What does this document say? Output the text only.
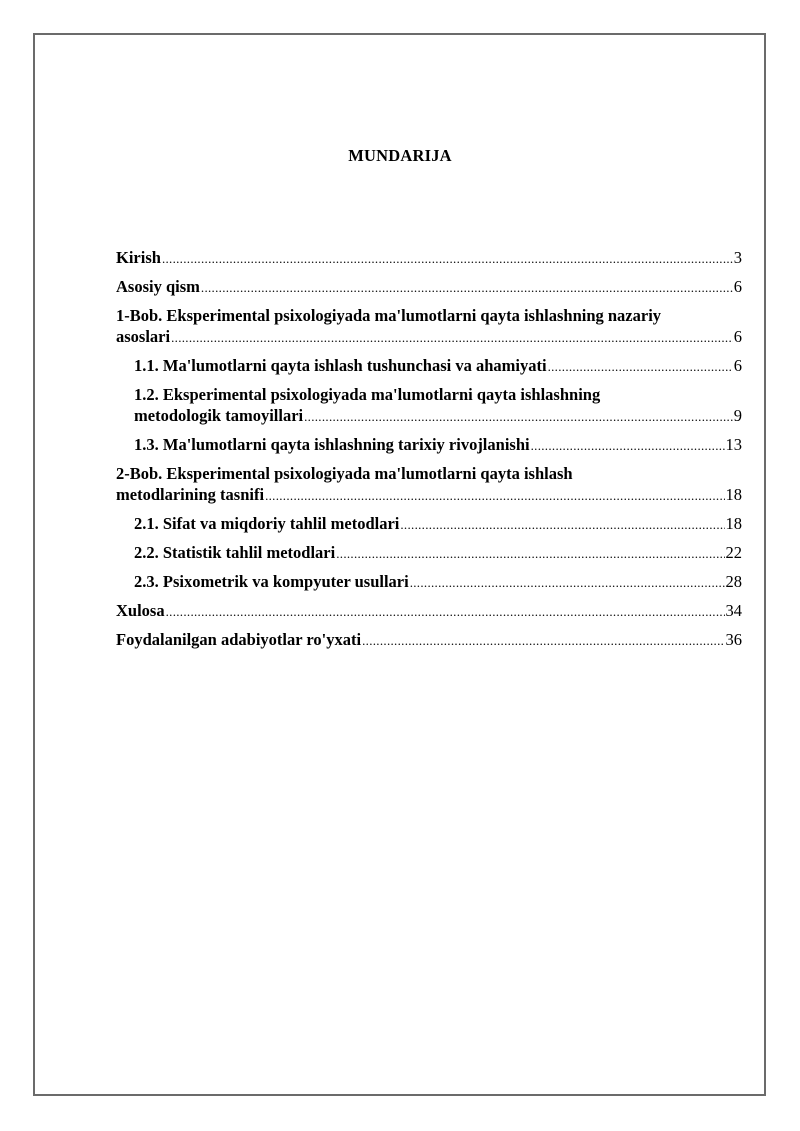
MUNDARIJA
Kirish .....	3
Asosiy qism .....	6
1-Bob. Eksperimental psixologiyada ma'lumotlarni qayta ishlashning nazariy
asoslari .....	6
1.1. Ma'lumotlarni qayta ishlash tushunchasi va ahamiyati .....	6
1.2. Eksperimental psixologiyada ma'lumotlarni qayta ishlashning
metodologik tamoyillari .....	9
1.3. Ma'lumotlarni qayta ishlashning tarixiy rivojlanishi .....	13
2-Bob. Eksperimental psixologiyada ma'lumotlarni qayta ishlash
metodlarining tasnifi .....	18
2.1. Sifat va miqdoriy tahlil metodlari .....	18
2.2. Statistik tahlil metodlari .....	22
2.3. Psixometrik va kompyuter usullari .....	28
Xulosa .....	34
Foydalanilgan adabiyotlar ro'yxati .....	36
